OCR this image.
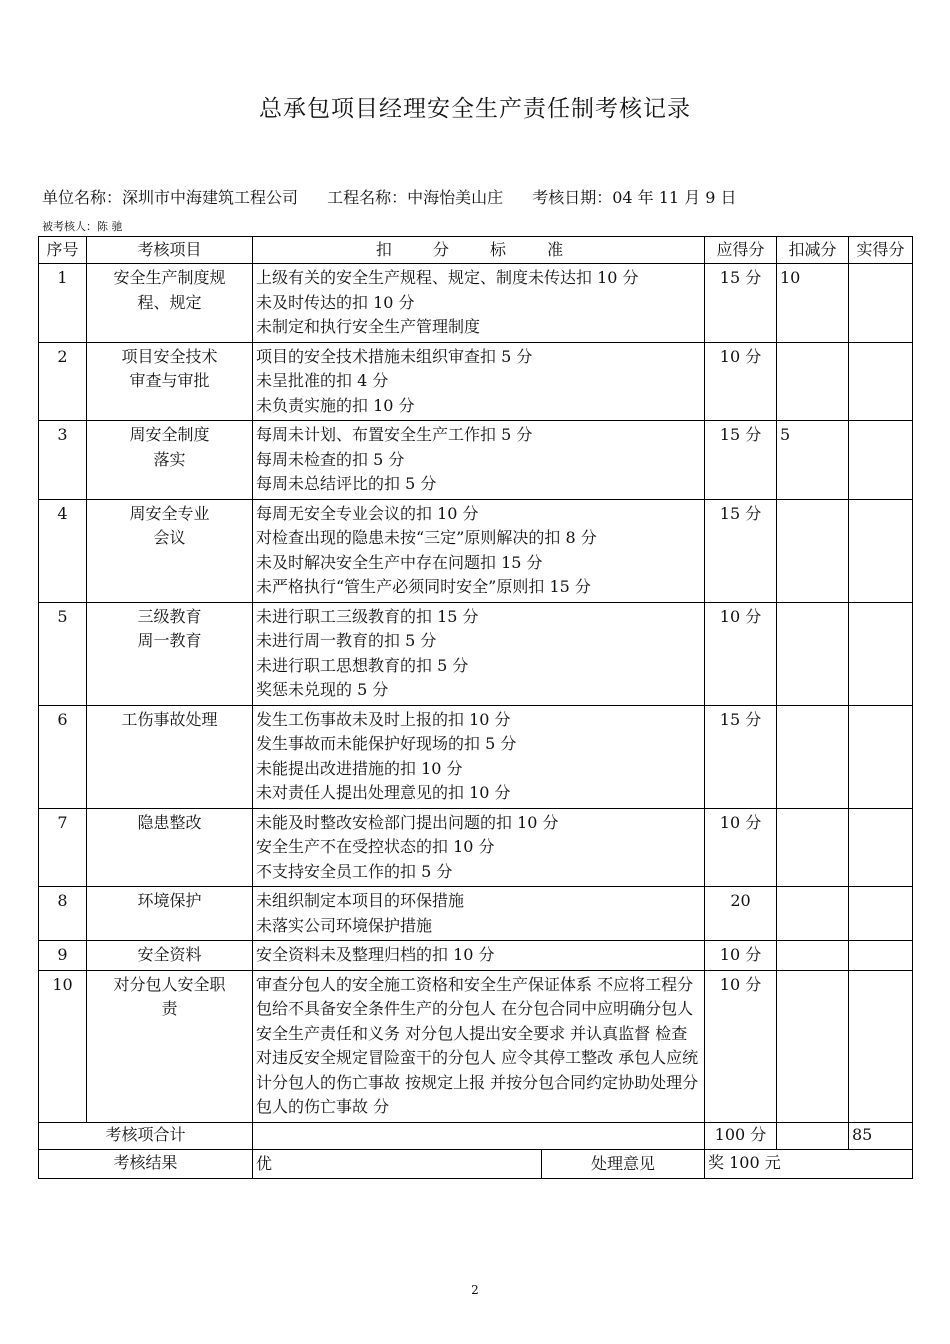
总承包项目经理安全生产责任制考核记录
单位名称：深圳市中海建筑工程公司 工程名称：中海怡美山庄 考核日期：04 年 11 月 9 日
被考核人：陈 驰
序号	考核项目	扣 分 标 准	应得分	扣减分	实得分
1	安全生产制度规
程、规定	上级有关的安全生产规程、规定、制度未传达扣 10 分
未及时传达的扣 10 分
未制定和执行安全生产管理制度	15 分	10	
2	项目安全技术
审查与审批	项目的安全技术措施未组织审查扣 5 分
未呈批准的扣 4 分
未负责实施的扣 10 分	10 分		
3	周安全制度
落实	每周未计划、布置安全生产工作扣 5 分
每周未检查的扣 5 分
每周未总结评比的扣 5 分	15 分	5	
4	周安全专业
会议	每周无安全专业会议的扣 10 分
对检查出现的隐患未按“三定”原则解决的扣 8 分
未及时解决安全生产中存在问题扣 15 分
未严格执行“管生产必须同时安全”原则扣 15 分	15 分		
5	三级教育
周一教育	未进行职工三级教育的扣 15 分
未进行周一教育的扣 5 分
未进行职工思想教育的扣 5 分
奖惩未兑现的 5 分	10 分		
6	工伤事故处理	发生工伤事故未及时上报的扣 10 分
发生事故而未能保护好现场的扣 5 分
未能提出改进措施的扣 10 分
未对责任人提出处理意见的扣 10 分	15 分		
7	隐患整改	未能及时整改安检部门提出问题的扣 10 分
安全生产不在受控状态的扣 10 分
不支持安全员工作的扣 5 分	10 分		
8	环境保护	未组织制定本项目的环保措施
未落实公司环境保护措施	20		
9	安全资料	安全资料未及整理归档的扣 10 分	10 分		
10	对分包人安全职
责	审查分包人的安全施工资格和安全生产保证体系 不应将工程分包给不具备安全条件生产的分包人 在分包合同中应明确分包人安全生产责任和义务 对分包人提出安全要求 并认真监督 检查 对违反安全规定冒险蛮干的分包人 应令其停工整改 承包人应统计分包人的伤亡事故 按规定上报 并按分包合同约定协助处理分包人的伤亡事故 分	10 分		
考核项合计			100 分		85
考核结果		优 处理意见	奖 100 元		
2
